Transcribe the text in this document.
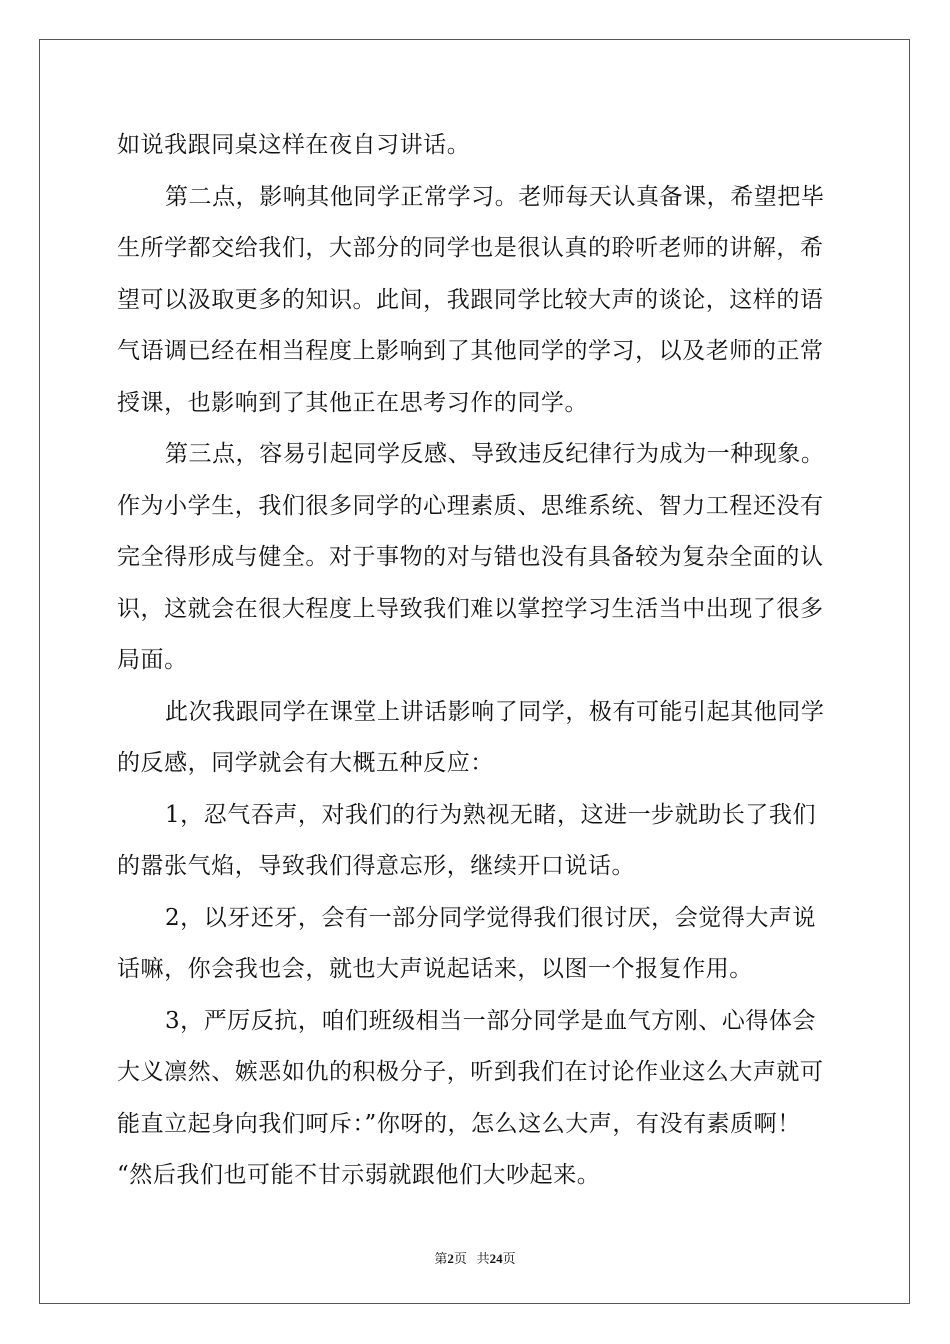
如说我跟同桌这样在夜自习讲话。
第二点，影响其他同学正常学习。老师每天认真备课，希望把毕
生所学都交给我们，大部分的同学也是很认真的聆听老师的讲解，希
望可以汲取更多的知识。此间，我跟同学比较大声的谈论，这样的语
气语调已经在相当程度上影响到了其他同学的学习，以及老师的正常
授课，也影响到了其他正在思考习作的同学。
第三点，容易引起同学反感、导致违反纪律行为成为一种现象。
作为小学生，我们很多同学的心理素质、思维系统、智力工程还没有
完全得形成与健全。对于事物的对与错也没有具备较为复杂全面的认
识，这就会在很大程度上导致我们难以掌控学习生活当中出现了很多
局面。
此次我跟同学在课堂上讲话影响了同学，极有可能引起其他同学
的反感，同学就会有大概五种反应：
1，忍气吞声，对我们的行为熟视无睹，这进一步就助长了我们
的嚣张气焰，导致我们得意忘形，继续开口说话。
2，以牙还牙，会有一部分同学觉得我们很讨厌，会觉得大声说
话嘛，你会我也会，就也大声说起话来，以图一个报复作用。
3，严厉反抗，咱们班级相当一部分同学是血气方刚、心得体会
大义凛然、嫉恶如仇的积极分子，听到我们在讨论作业这么大声就可
能直立起身向我们呵斥：”你呀的，怎么这么大声，有没有素质啊！
“然后我们也可能不甘示弱就跟他们大吵起来。
第2页 共24页
